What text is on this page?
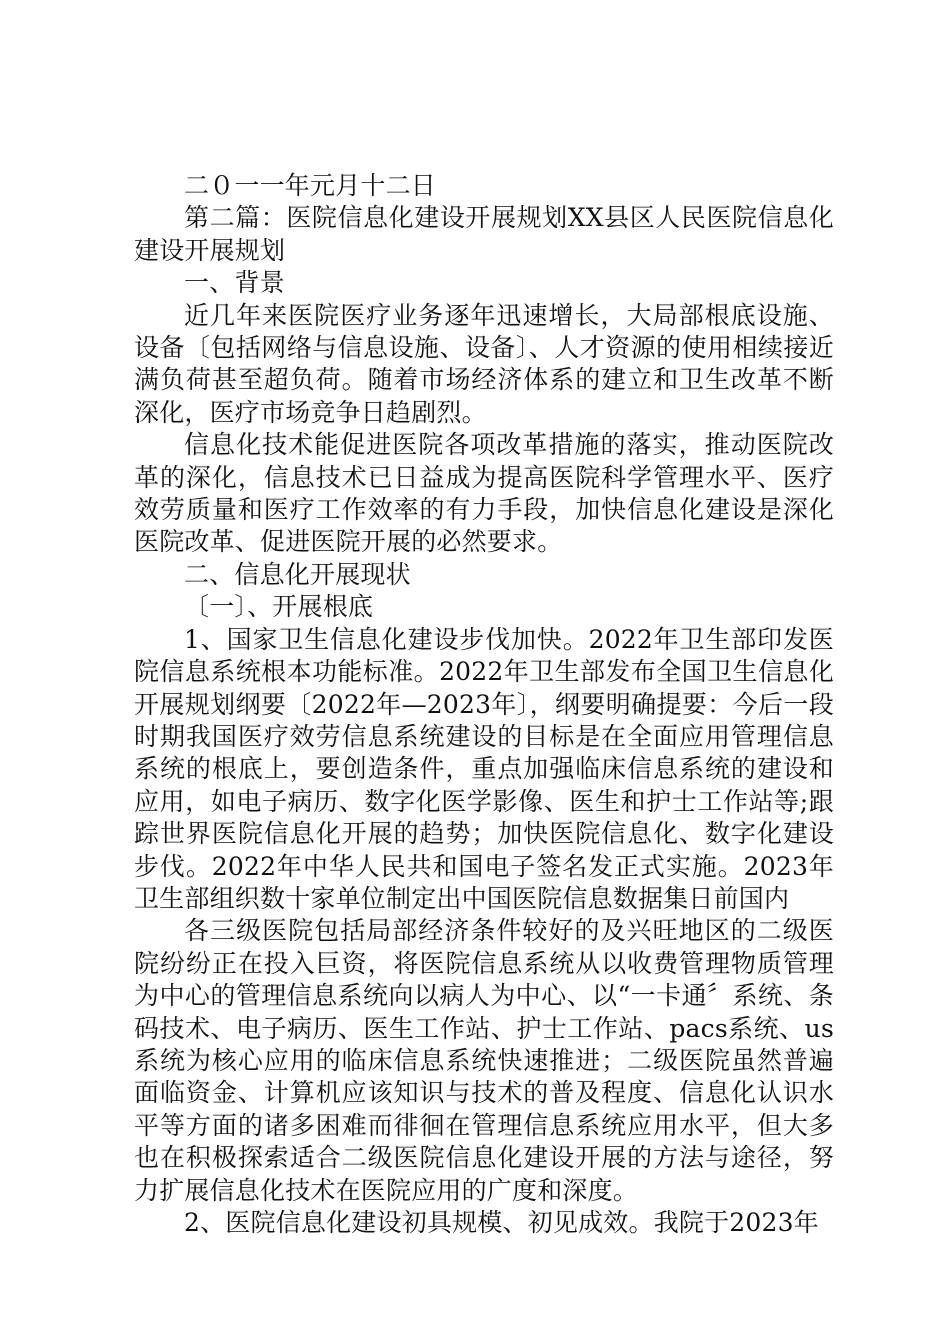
二０一一年元月十二日

第二篇：医院信息化建设开展规划XX县区人民医院信息化建设开展规划

一、背景

近几年来医院医疗业务逐年迅速增长，大局部根底设施、设备〔包括网络与信息设施、设备〕、人才资源的使用相续接近满负荷甚至超负荷。随着市场经济体系的建立和卫生改革不断深化，医疗市场竞争日趋剧烈。

信息化技术能促进医院各项改革措施的落实，推动医院改革的深化，信息技术已日益成为提高医院科学管理水平、医疗效劳质量和医疗工作效率的有力手段，加快信息化建设是深化医院改革、促进医院开展的必然要求。

二、信息化开展现状

〔一〕、开展根底

1、国家卫生信息化建设步伐加快。2022年卫生部印发医院信息系统根本功能标准。2022年卫生部发布全国卫生信息化开展规划纲要〔2022年—2023年〕，纲要明确提要：今后一段时期我国医疗效劳信息系统建设的目标是在全面应用管理信息系统的根底上，要创造条件，重点加强临床信息系统的建设和应用，如电子病历、数字化医学影像、医生和护士工作站等;跟踪世界医院信息化开展的趋势；加快医院信息化、数字化建设步伐。2022年中华人民共和国电子签名发正式实施。2023年卫生部组织数十家单位制定出中国医院信息数据集日前国内

各三级医院包括局部经济条件较好的及兴旺地区的二级医院纷纷正在投入巨资，将医院信息系统从以收费管理物质管理为中心的管理信息系统向以病人为中心、以“一卡通〞系统、条码技术、电子病历、医生工作站、护士工作站、pacs系统、us系统为核心应用的临床信息系统快速推进；二级医院虽然普遍面临资金、计算机应该知识与技术的普及程度、信息化认识水平等方面的诸多困难而徘徊在管理信息系统应用水平，但大多也在积极探索适合二级医院信息化建设开展的方法与途径，努力扩展信息化技术在医院应用的广度和深度。

2、医院信息化建设初具规模、初见成效。我院于2023年
